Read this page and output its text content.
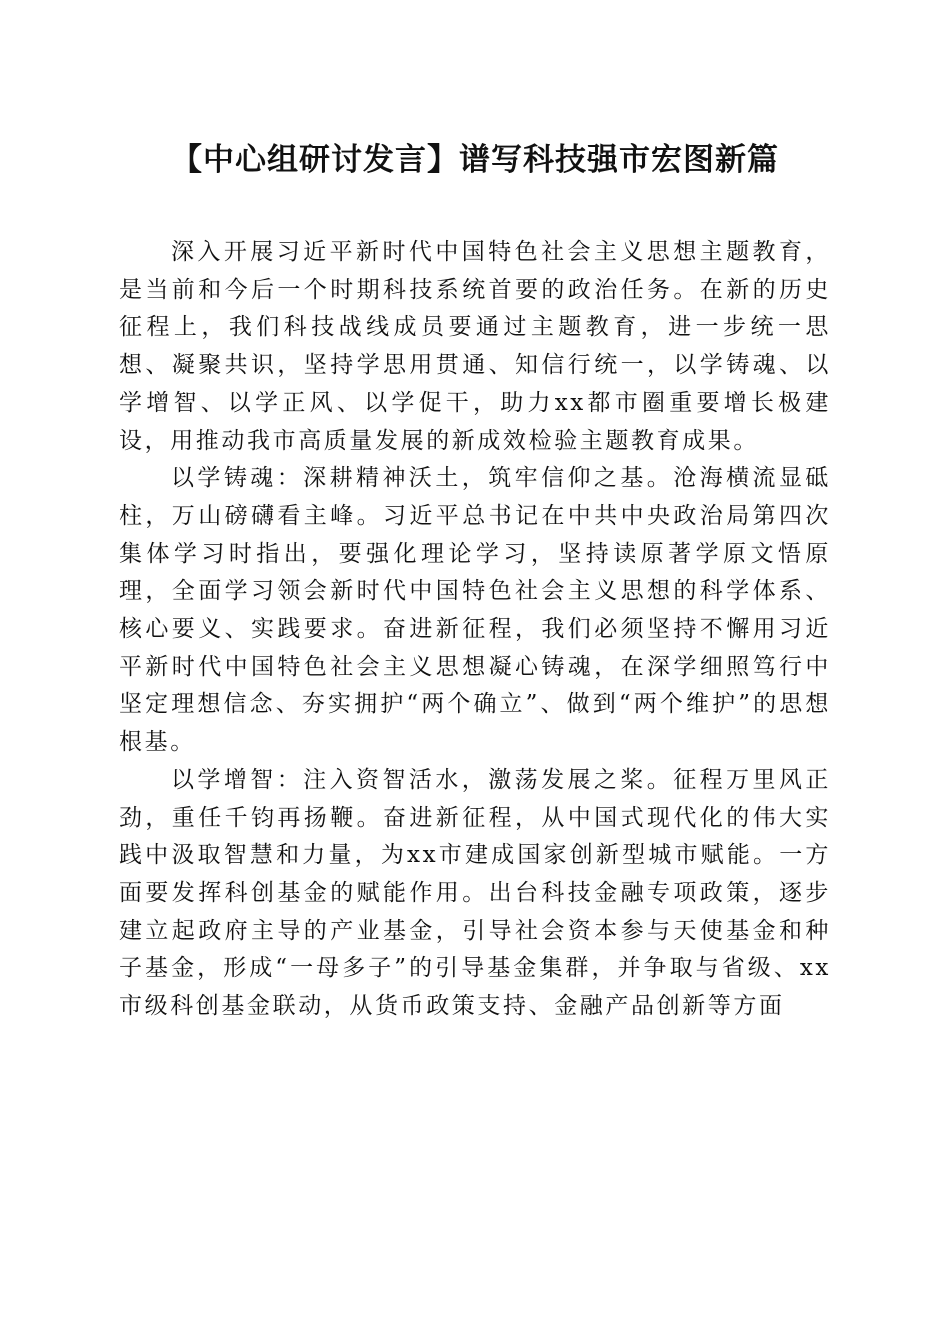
【中心组研讨发言】谱写科技强市宏图新篇

深入开展习近平新时代中国特色社会主义思想主题教育，是当前和今后一个时期科技系统首要的政治任务。在新的历史征程上，我们科技战线成员要通过主题教育，进一步统一思想、凝聚共识，坚持学思用贯通、知信行统一，以学铸魂、以学增智、以学正风、以学促干，助力xx都市圈重要增长极建设，用推动我市高质量发展的新成效检验主题教育成果。

以学铸魂：深耕精神沃土，筑牢信仰之基。沧海横流显砥柱，万山磅礴看主峰。习近平总书记在中共中央政治局第四次集体学习时指出，要强化理论学习，坚持读原著学原文悟原理，全面学习领会新时代中国特色社会主义思想的科学体系、核心要义、实践要求。奋进新征程，我们必须坚持不懈用习近平新时代中国特色社会主义思想凝心铸魂，在深学细照笃行中坚定理想信念、夯实拥护“两个确立”、做到“两个维护”的思想根基。

以学增智：注入资智活水，激荡发展之桨。征程万里风正劲，重任千钧再扬鞭。奋进新征程，从中国式现代化的伟大实践中汲取智慧和力量，为xx市建成国家创新型城市赋能。一方面要发挥科创基金的赋能作用。出台科技金融专项政策，逐步建立起政府主导的产业基金，引导社会资本参与天使基金和种子基金，形成“一母多子”的引导基金集群，并争取与省级、xx市级科创基金联动，从货币政策支持、金融产品创新等方面
